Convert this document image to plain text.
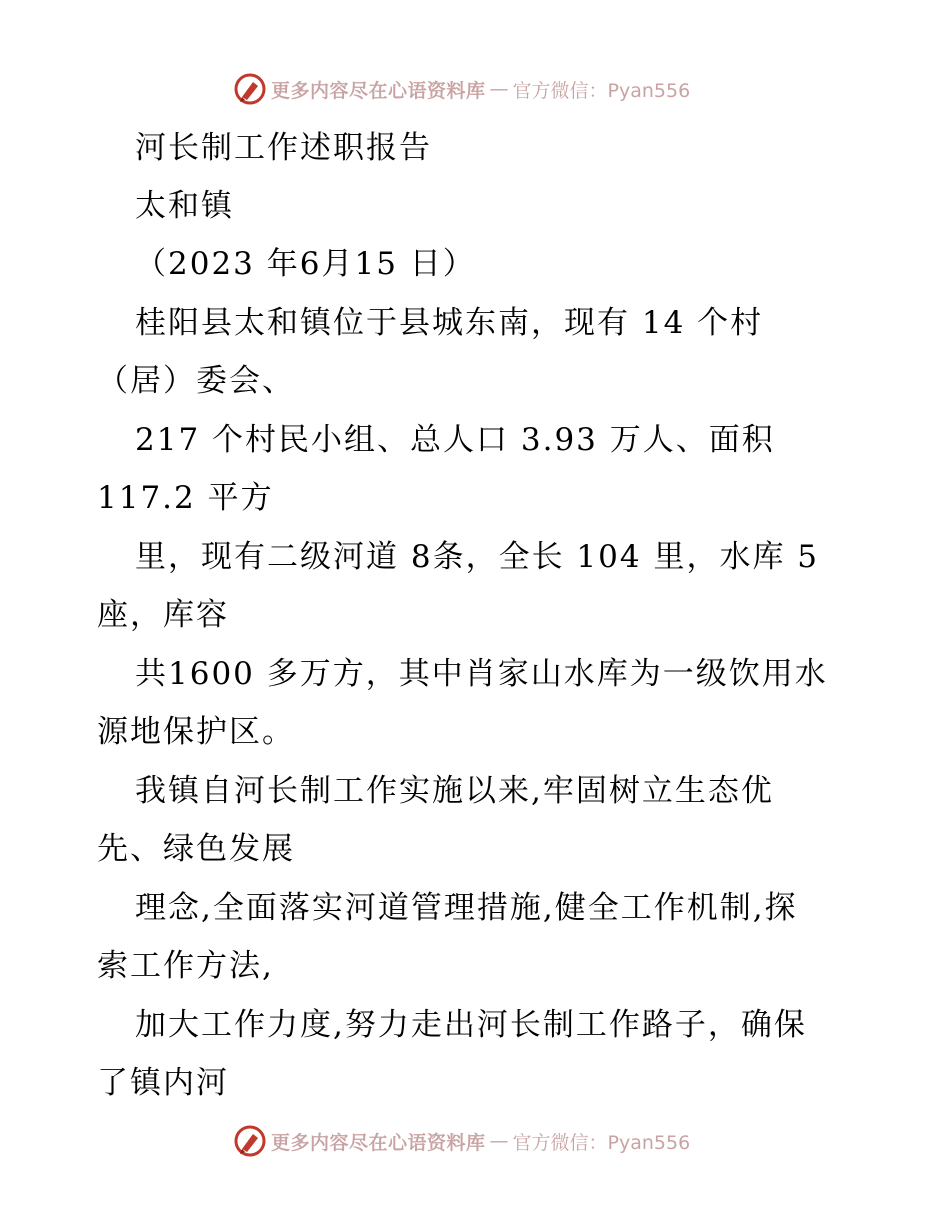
更多内容尽在心语资料库 — 官方微信：Pyan556
河长制工作述职报告
太和镇
（2023 年6月15 日）
桂阳县太和镇位于县城东南，现有 14 个村
（居）委会、
217 个村民小组、总人口 3.93 万人、面积
117.2 平方
里，现有二级河道 8条，全长 104 里，水库 5
座，库容
共1600 多万方，其中肖家山水库为一级饮用水
源地保护区。
我镇自河长制工作实施以来,牢固树立生态优
先、绿色发展
理念,全面落实河道管理措施,健全工作机制,探
索工作方法,
加大工作力度,努力走出河长制工作路子，确保
了镇内河
更多内容尽在心语资料库 — 官方微信：Pyan556
